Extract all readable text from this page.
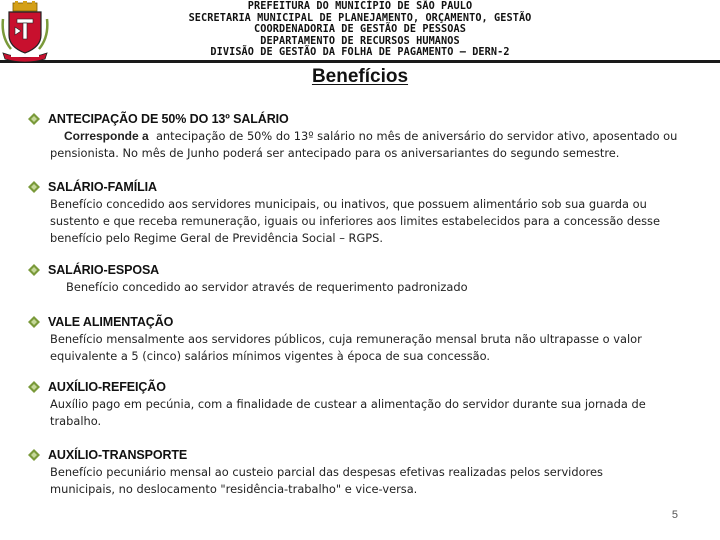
PREFEITURA DO MUNICÍPIO DE SÃO PAULO
SECRETARIA MUNICIPAL DE PLANEJAMENTO, ORÇAMENTO, GESTÃO
COORDENADORIA DE GESTÃO DE PESSOAS
DEPARTAMENTO DE RECURSOS HUMANOS
DIVISÃO DE GESTÃO DA FOLHA DE PAGAMENTO – DERN-2
Benefícios
ANTECIPAÇÃO DE 50% DO 13º SALÁRIO
Corresponde a antecipação de 50% do 13º salário no mês de aniversário do servidor ativo, aposentado ou
pensionista. No mês de Junho poderá ser antecipado para os aniversariantes do segundo semestre.
SALÁRIO-FAMÍLIA
Benefício concedido aos servidores municipais, ou inativos, que possuem alimentário sob sua guarda ou
sustento e que receba remuneração, iguais ou inferiores aos limites estabelecidos para a concessão desse
benefício pelo Regime Geral de Previdência Social – RGPS.
SALÁRIO-ESPOSA
Benefício concedido ao servidor através de requerimento padronizado
VALE ALIMENTAÇÃO
Benefício mensalmente aos servidores públicos, cuja remuneração mensal bruta não ultrapasse o valor
equivalente a 5 (cinco) salários mínimos vigentes à época de sua concessão.
AUXÍLIO-REFEIÇÃO
Auxílio pago em pecúnia, com a finalidade de custear a alimentação do servidor durante sua jornada de
trabalho.
AUXÍLIO-TRANSPORTE
Benefício pecuniário mensal ao custeio parcial das despesas efetivas realizadas pelos servidores
municipais, no deslocamento "residência-trabalho" e vice-versa.
5
